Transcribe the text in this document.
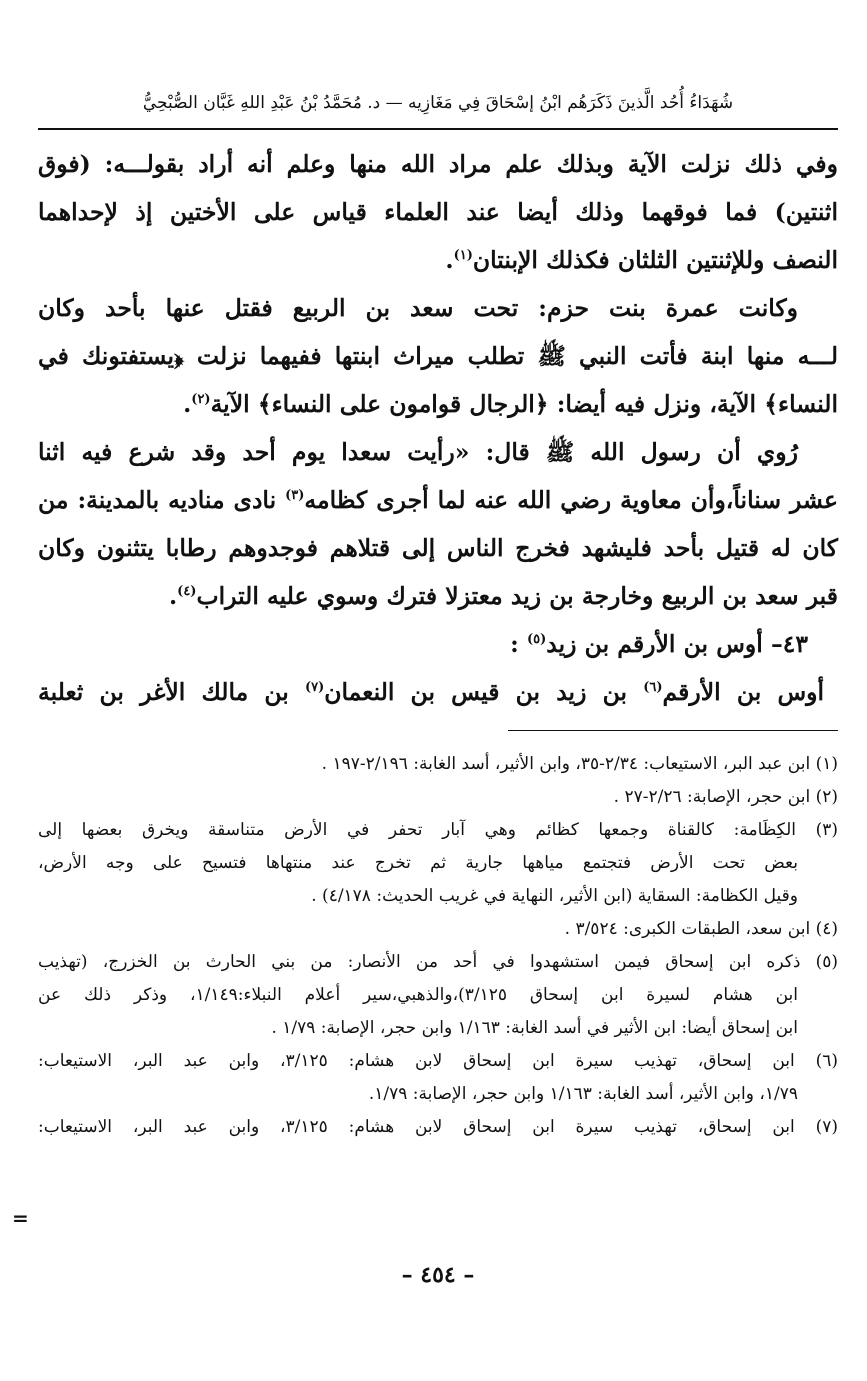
شُهَدَاءُ أُحُد الَّذينَ ذَكَرَهُم ابْنُ إسْحَاقَ فِي مَغَازِيه — د. مُحَمَّدُ بْنُ عَبْدِ اللهِ غَبَّان الصُّبْحِيُّ

وفي ذلك نزلت الآية وبذلك علم مراد الله منها وعلم أنه أراد بقولـــه: (فوق
اثنتين) فما فوقهما وذلك أيضا عند العلماء قياس على الأختين إذ لإحداهما
النصف وللإثنتين الثلثان فكذلك الإبنتان$^{(١)}$.

وكانت عمرة بنت حزم: تحت سعد بن الربيع فقتل عنها بأحد وكان
لـــه منها ابنة فأتت النبي ﷺ تطلب ميراث ابنتها ففيهما نزلت ﴿يستفتونك في
النساء﴾ الآية، ونزل فيه أيضا: ﴿الرجال قوامون على النساء﴾ الآية$^{(٢)}$.

رُوي أن رسول الله ﷺ قال: «رأيت سعدا يوم أحد وقد شرع فيه اثنا
عشر سناناً،وأن معاوية رضي الله عنه لما أجرى كظامه$^{(٣)}$ نادى مناديه بالمدينة: من
كان له قتيل بأحد فليشهد فخرج الناس إلى قتلاهم فوجدوهم رطابا يتثنون وكان
قبر سعد بن الربيع وخارجة بن زيد معتزلا فترك وسوي عليه التراب$^{(٤)}$.

٤٣– أوس بن الأرقم بن زيد$^{(٥)}$ :

أوس بن الأرقم$^{(٦)}$ بن زيد بن قيس بن النعمان$^{(٧)}$ بن مالك الأغر بن ثعلبة

(١) ابن عبد البر، الاستيعاب: ٢/٣٤-٣٥، وابن الأثير، أسد الغابة: ٢/١٩٦-١٩٧ .
(٢) ابن حجر، الإصابة: ٢/٢٦-٢٧ .
(٣) الكِظَامة: كالقناة وجمعها كظائم وهي آبار تحفر في الأرض متناسقة ويخرق بعضها إلى
بعض تحت الأرض فتجتمع مياهها جارية ثم تخرج عند منتهاها فتسيح على وجه الأرض،
وقيل الكظامة: السقاية (ابن الأثير، النهاية في غريب الحديث: ٤/١٧٨) .
(٤) ابن سعد، الطبقات الكبرى: ٣/٥٢٤ .
(٥) ذكره ابن إسحاق فيمن استشهدوا في أحد من الأنصار: من بني الحارث بن الخزرج، (تهذيب
ابن هشام لسيرة ابن إسحاق ٣/١٢٥)،والذهبي،سير أعلام النبلاء:١/١٤٩، وذكر ذلك عن
ابن إسحاق أيضا: ابن الأثير في أسد الغابة: ١/١٦٣ وابن حجر، الإصابة: ١/٧٩ .
(٦) ابن إسحاق، تهذيب سيرة ابن إسحاق لابن هشام: ٣/١٢٥، وابن عبد البر، الاستيعاب:
١/٧٩، وابن الأثير، أسد الغابة: ١/١٦٣ وابن حجر، الإصابة: ١/٧٩.
(٧) ابن إسحاق، تهذيب سيرة ابن إسحاق لابن هشام: ٣/١٢٥، وابن عبد البر، الاستيعاب:
=
– ٤٥٤ –
